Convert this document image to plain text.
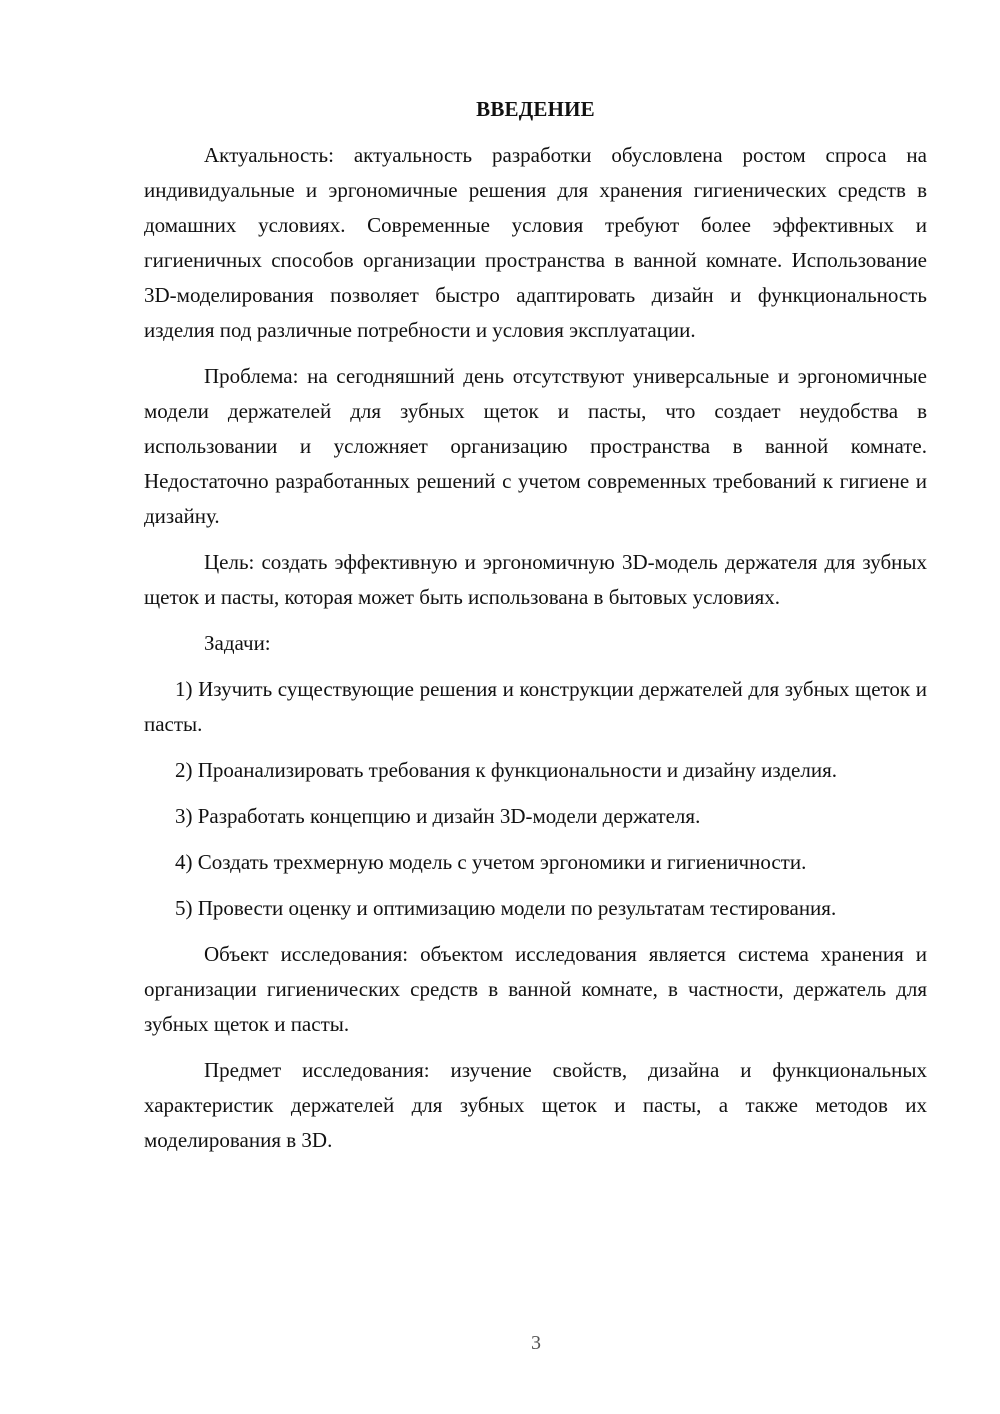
ВВЕДЕНИЕ

Актуальность: актуальность разработки обусловлена ростом спроса на индивидуальные и эргономичные решения для хранения гигиенических средств в домашних условиях. Современные условия требуют более эффективных и гигиеничных способов организации пространства в ванной комнате. Использование 3D-моделирования позволяет быстро адаптировать дизайн и функциональность изделия под различные потребности и условия эксплуатации.

Проблема: на сегодняшний день отсутствуют универсальные и эргономичные модели держателей для зубных щеток и пасты, что создает неудобства в использовании и усложняет организацию пространства в ванной комнате. Недостаточно разработанных решений с учетом современных требований к гигиене и дизайну.

Цель: создать эффективную и эргономичную 3D-модель держателя для зубных щеток и пасты, которая может быть использована в бытовых условиях.

Задачи:

1) Изучить существующие решения и конструкции держателей для зубных щеток и пасты.

2) Проанализировать требования к функциональности и дизайну изделия.

3) Разработать концепцию и дизайн 3D-модели держателя.

4) Создать трехмерную модель с учетом эргономики и гигиеничности.

5) Провести оценку и оптимизацию модели по результатам тестирования.

Объект исследования: объектом исследования является система хранения и организации гигиенических средств в ванной комнате, в частности, держатель для зубных щеток и пасты.

Предмет исследования: изучение свойств, дизайна и функциональных характеристик держателей для зубных щеток и пасты, а также методов их моделирования в 3D.

3
